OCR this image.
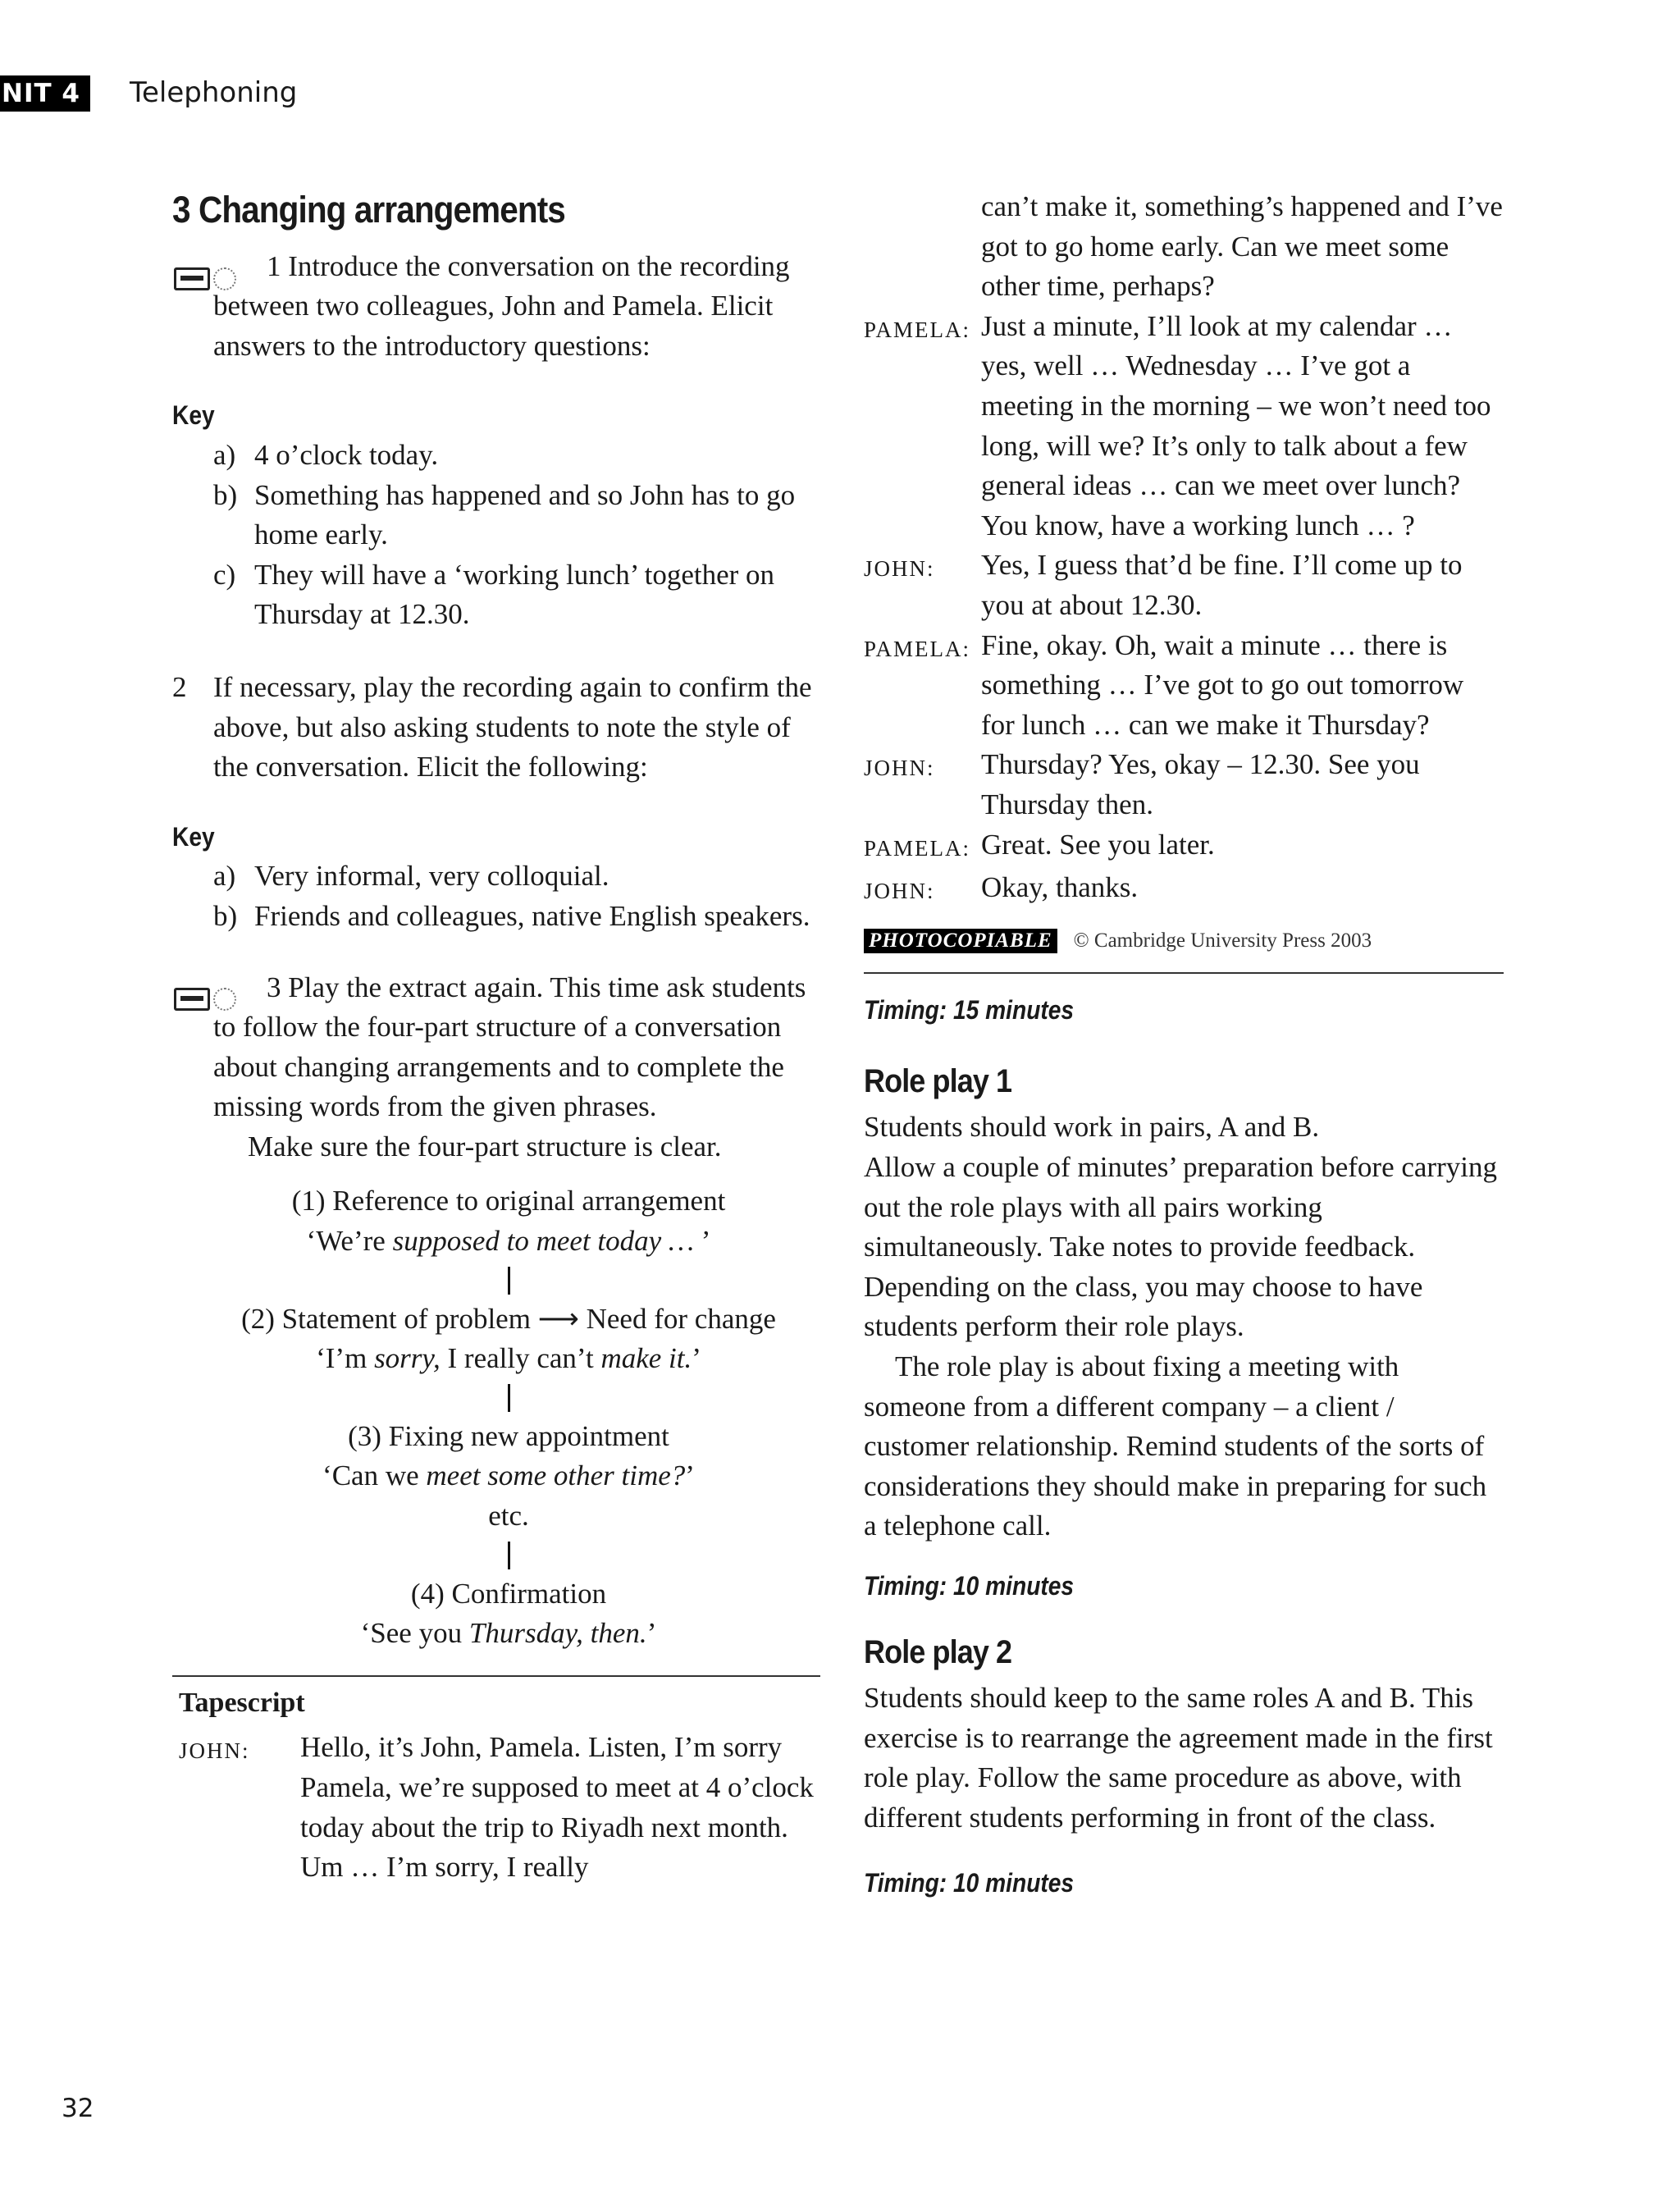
NIT 4	Telephoning
3 Changing arrangements
1 Introduce the conversation on the recording between two colleagues, John and Pamela. Elicit answers to the introductory questions:
Key
a) 4 o’clock today.
b) Something has happened and so John has to go home early.
c) They will have a ‘working lunch’ together on Thursday at 12.30.
2 If necessary, play the recording again to confirm the above, but also asking students to note the style of the conversation. Elicit the following:
Key
a) Very informal, very colloquial.
b) Friends and colleagues, native English speakers.
3 Play the extract again. This time ask students to follow the four-part structure of a conversation about changing arrangements and to complete the missing words from the given phrases.
Make sure the four-part structure is clear.
(1) Reference to original arrangement
‘We’re supposed to meet today … ’
(2) Statement of problem ⟶ Need for change
‘I’m sorry, I really can’t make it.’
(3) Fixing new appointment
‘Can we meet some other time?’
etc.
(4) Confirmation
‘See you Thursday, then.’
Tapescript
JOHN:	Hello, it’s John, Pamela. Listen, I’m sorry Pamela, we’re supposed to meet at 4 o’clock today about the trip to Riyadh next month. Um … I’m sorry, I really
can’t make it, something’s happened and I’ve got to go home early. Can we meet some other time, perhaps?
PAMELA: Just a minute, I’ll look at my calendar … yes, well … Wednesday … I’ve got a meeting in the morning – we won’t need too long, will we? It’s only to talk about a few general ideas … can we meet over lunch? You know, have a working lunch … ?
JOHN:	Yes, I guess that’d be fine. I’ll come up to you at about 12.30.
PAMELA: Fine, okay. Oh, wait a minute … there is something … I’ve got to go out tomorrow for lunch … can we make it Thursday?
JOHN:	Thursday? Yes, okay – 12.30. See you Thursday then.
PAMELA: Great. See you later.
JOHN:	Okay, thanks.
PHOTOCOPIABLE © Cambridge University Press 2003
Timing: 15 minutes
Role play 1
Students should work in pairs, A and B.
Allow a couple of minutes’ preparation before carrying out the role plays with all pairs working simultaneously. Take notes to provide feedback. Depending on the class, you may choose to have students perform their role plays.
The role play is about fixing a meeting with someone from a different company – a client / customer relationship. Remind students of the sorts of considerations they should make in preparing for such a telephone call.
Timing: 10 minutes
Role play 2
Students should keep to the same roles A and B. This exercise is to rearrange the agreement made in the first role play. Follow the same procedure as above, with different students performing in front of the class.
Timing: 10 minutes
32
